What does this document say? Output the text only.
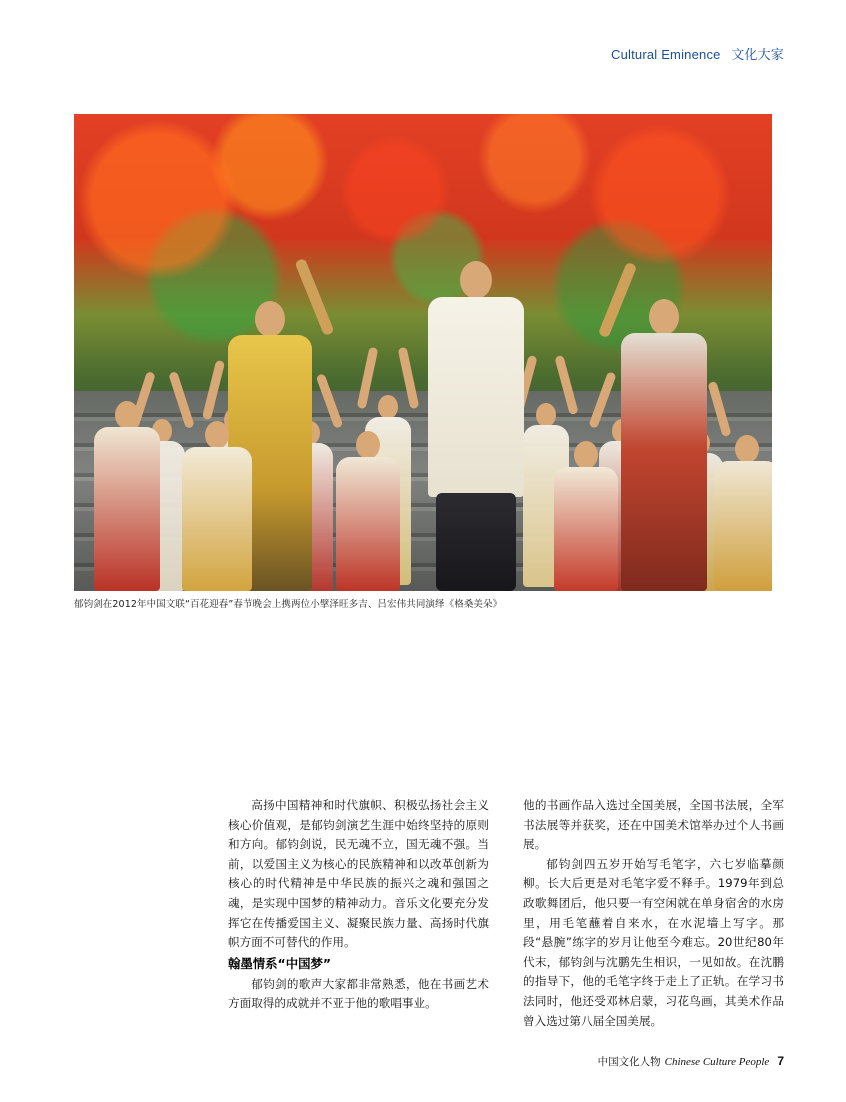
Cultural Eminence 文化大家
郁钧剑在2012年中国文联“百花迎春”春节晚会上携两位小擘泽旺多吉、吕宏伟共同演绎《格桑美朵》

高扬中国精神和时代旗帜、积极弘扬社会主义核心价值观，是郁钧剑演艺生涯中始终坚持的原则和方向。郁钧剑说，民无魂不立，国无魂不强。当前，以爱国主义为核心的民族精神和以改革创新为核心的时代精神是中华民族的振兴之魂和强国之魂，是实现中国梦的精神动力。音乐文化要充分发挥它在传播爱国主义、凝聚民族力量、高扬时代旗帜方面不可替代的作用。

翰墨情系“中国梦”

郁钧剑的歌声大家都非常熟悉，他在书画艺术方面取得的成就并不亚于他的歌唱事业。

他的书画作品入选过全国美展，全国书法展，全军书法展等并获奖，还在中国美术馆举办过个人书画展。

郁钧剑四五岁开始写毛笔字，六七岁临摹颜柳。长大后更是对毛笔字爱不释手。1979年到总政歌舞团后，他只要一有空闲就在单身宿舍的水房里，用毛笔蘸着自来水，在水泥墙上写字。那段“悬腕”练字的岁月让他至今难忘。20世纪80年代末，郁钧剑与沈鹏先生相识，一见如故。在沈鹏的指导下，他的毛笔字终于走上了正轨。在学习书法同时，他还受邓林启蒙，习花鸟画，其美术作品曾入选过第八届全国美展。

中国文化人物 Chinese Culture People 7
